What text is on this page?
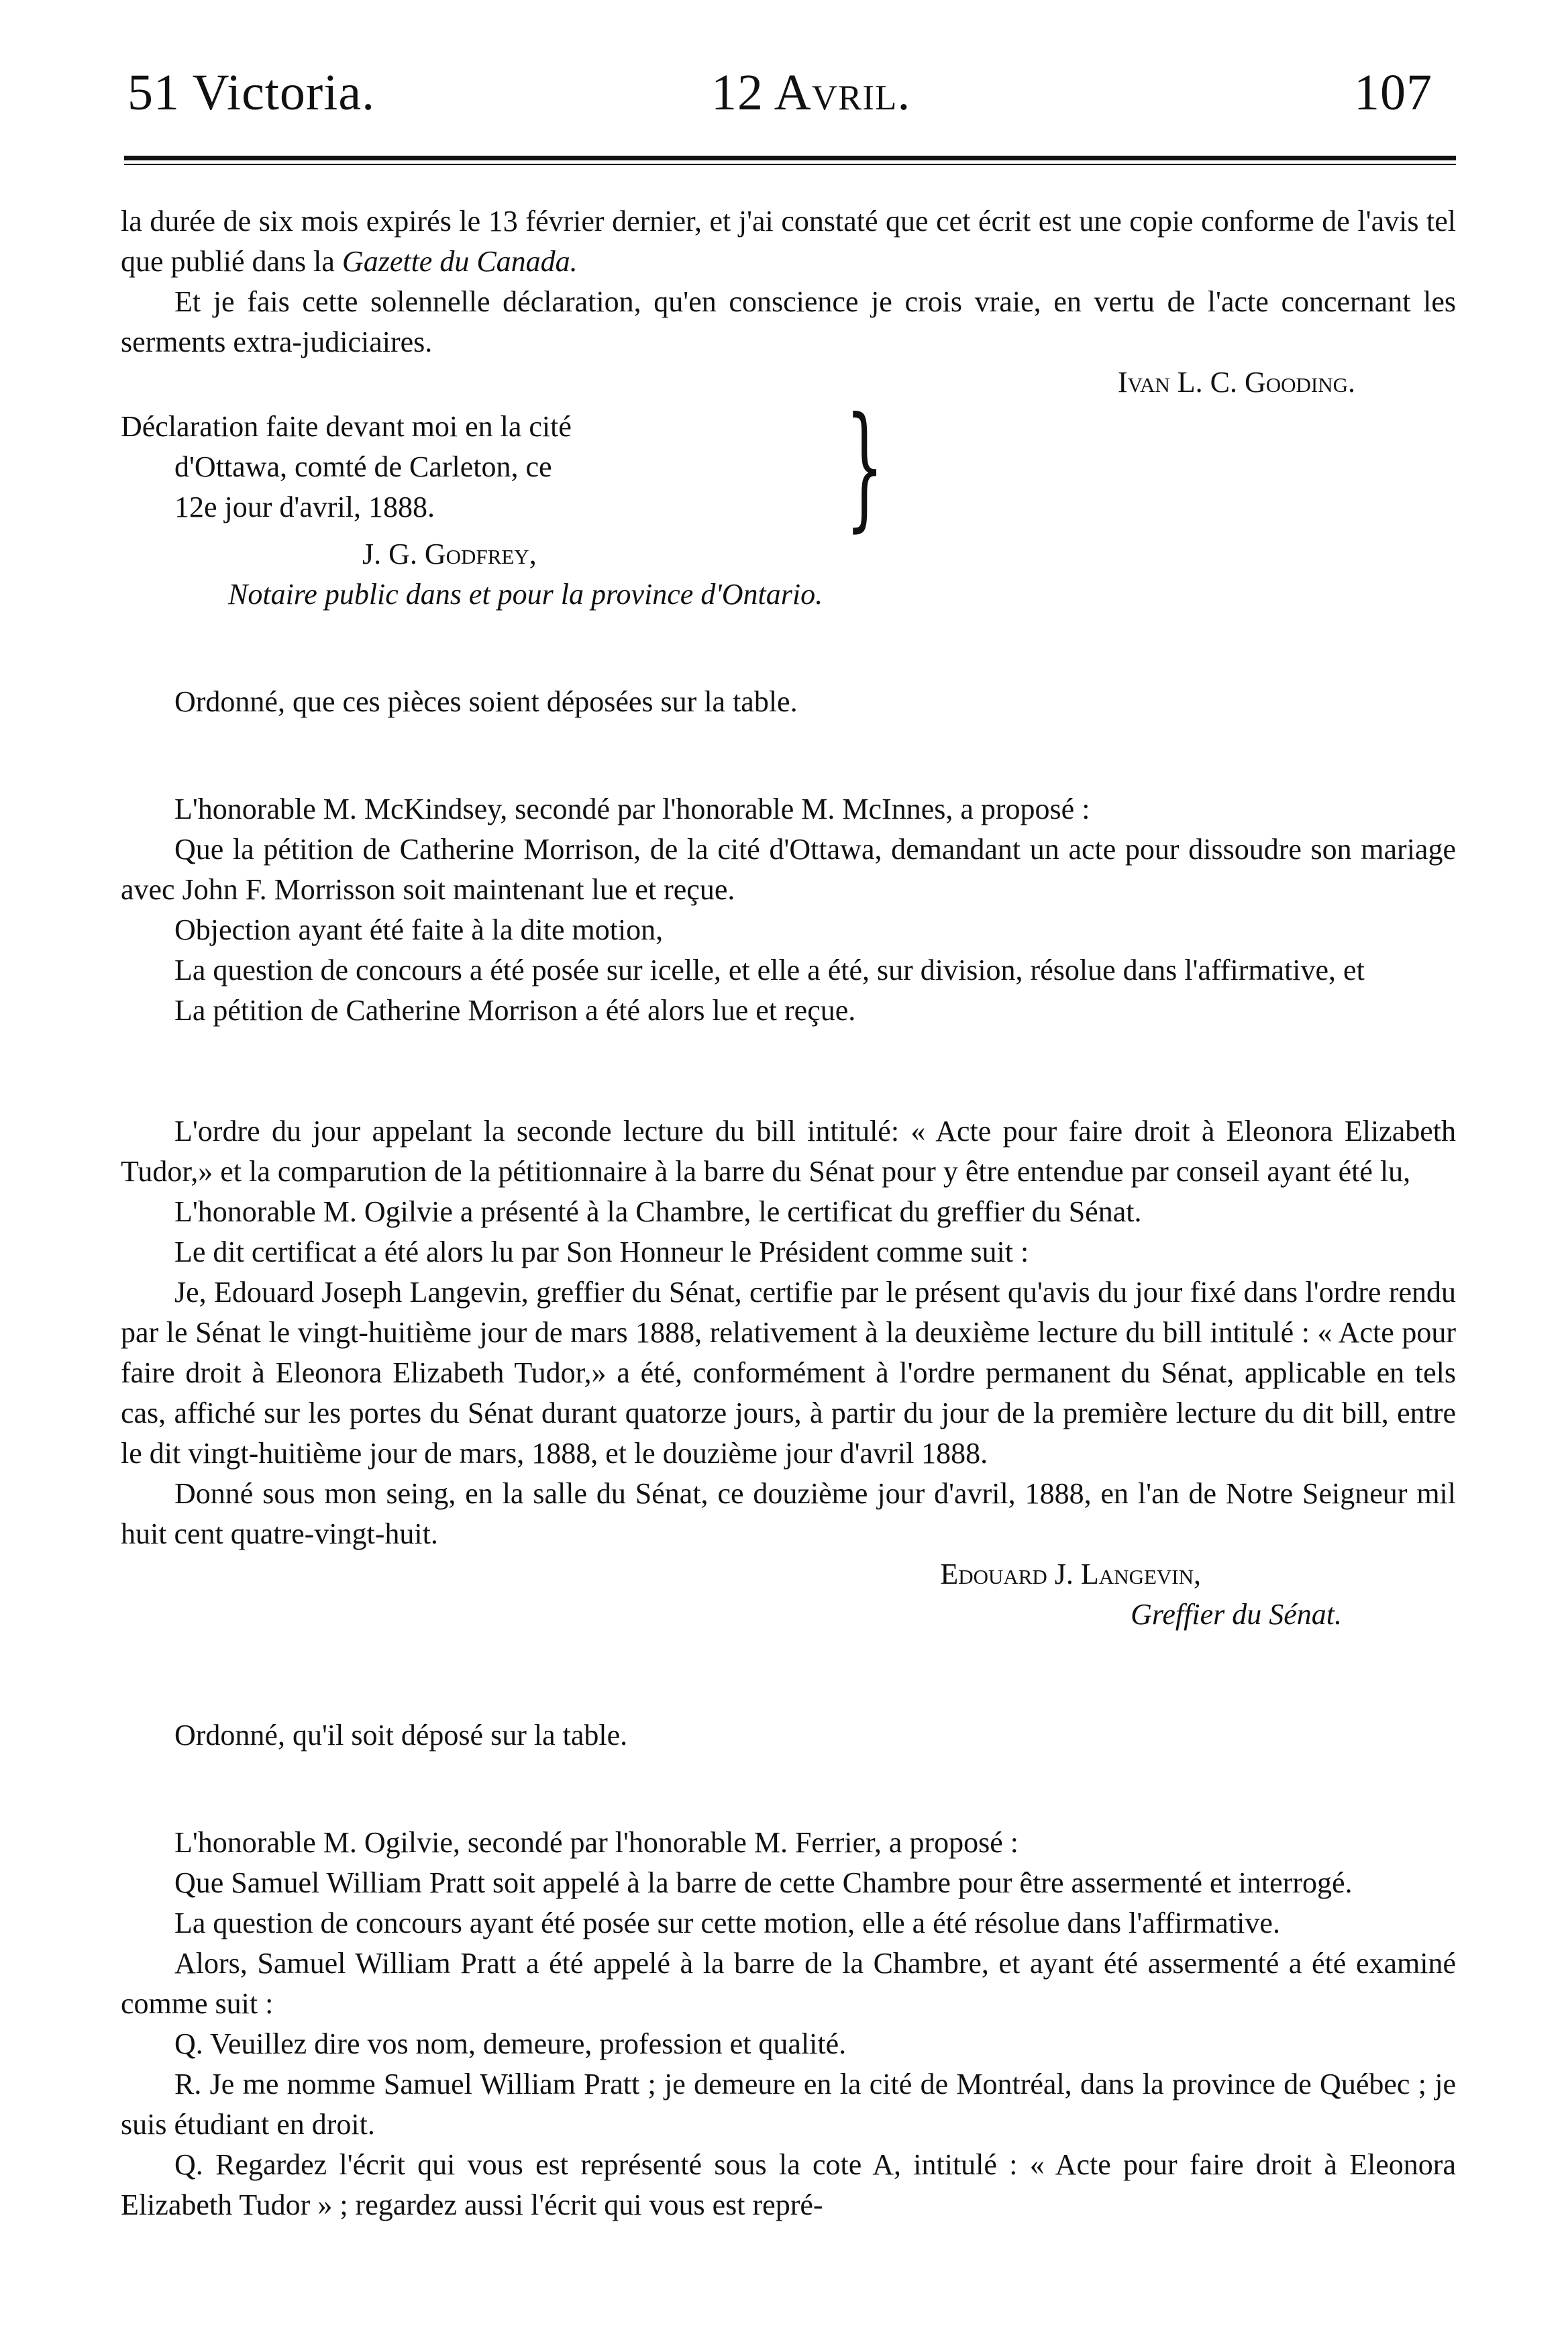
51 Victoria.	12 Avril.	107

la durée de six mois expirés le 13 février dernier, et j'ai constaté que cet écrit est une copie conforme de l'avis tel que publié dans la Gazette du Canada.

Et je fais cette solennelle déclaration, qu'en conscience je crois vraie, en vertu de l'acte concernant les serments extra-judiciaires.

Ivan L. C. Gooding.
Déclaration faite devant moi en la cité
d'Ottawa, comté de Carleton, ce
12e jour d'avril, 1888.	}
J. G. Godfrey,
Notaire public dans et pour la province d'Ontario.

Ordonné, que ces pièces soient déposées sur la table.

L'honorable M. McKindsey, secondé par l'honorable M. McInnes, a proposé :

Que la pétition de Catherine Morrison, de la cité d'Ottawa, demandant un acte pour dissoudre son mariage avec John F. Morrisson soit maintenant lue et reçue.

Objection ayant été faite à la dite motion,

La question de concours a été posée sur icelle, et elle a été, sur division, résolue dans l'affirmative, et

La pétition de Catherine Morrison a été alors lue et reçue.

L'ordre du jour appelant la seconde lecture du bill intitulé: « Acte pour faire droit à Eleonora Elizabeth Tudor,» et la comparution de la pétitionnaire à la barre du Sénat pour y être entendue par conseil ayant été lu,

L'honorable M. Ogilvie a présenté à la Chambre, le certificat du greffier du Sénat.

Le dit certificat a été alors lu par Son Honneur le Président comme suit :

Je, Edouard Joseph Langevin, greffier du Sénat, certifie par le présent qu'avis du jour fixé dans l'ordre rendu par le Sénat le vingt-huitième jour de mars 1888, relativement à la deuxième lecture du bill intitulé : « Acte pour faire droit à Eleonora Elizabeth Tudor,» a été, conformément à l'ordre permanent du Sénat, applicable en tels cas, affiché sur les portes du Sénat durant quatorze jours, à partir du jour de la première lecture du dit bill, entre le dit vingt-huitième jour de mars, 1888, et le douzième jour d'avril 1888.

Donné sous mon seing, en la salle du Sénat, ce douzième jour d'avril, 1888, en l'an de Notre Seigneur mil huit cent quatre-vingt-huit.

Edouard J. Langevin,
Greffier du Sénat.

Ordonné, qu'il soit déposé sur la table.

L'honorable M. Ogilvie, secondé par l'honorable M. Ferrier, a proposé :

Que Samuel William Pratt soit appelé à la barre de cette Chambre pour être assermenté et interrogé.

La question de concours ayant été posée sur cette motion, elle a été résolue dans l'affirmative.

Alors, Samuel William Pratt a été appelé à la barre de la Chambre, et ayant été assermenté a été examiné comme suit :

Q. Veuillez dire vos nom, demeure, profession et qualité.

R. Je me nomme Samuel William Pratt ; je demeure en la cité de Montréal, dans la province de Québec ; je suis étudiant en droit.

Q. Regardez l'écrit qui vous est représenté sous la cote A, intitulé : « Acte pour faire droit à Eleonora Elizabeth Tudor » ; regardez aussi l'écrit qui vous est repré-
